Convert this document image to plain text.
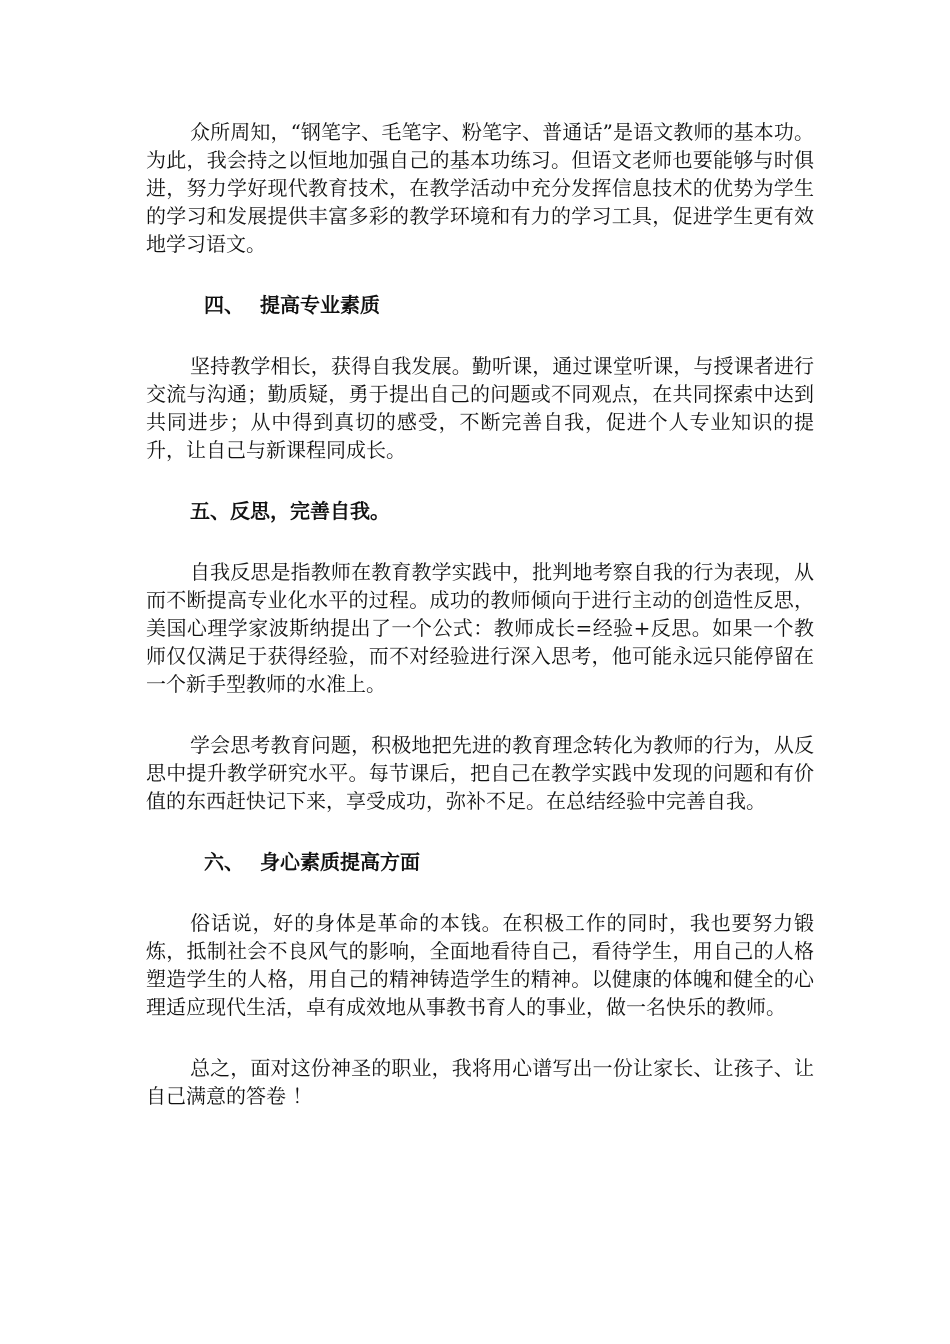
众所周知，“钢笔字、毛笔字、粉笔字、普通话”是语文教师的基本功。为此，我会持之以恒地加强自己的基本功练习。但语文老师也要能够与时俱进，努力学好现代教育技术，在教学活动中充分发挥信息技术的优势为学生的学习和发展提供丰富多彩的教学环境和有力的学习工具，促进学生更有效地学习语文。

四、 提高专业素质

坚持教学相长，获得自我发展。勤听课，通过课堂听课，与授课者进行交流与沟通；勤质疑，勇于提出自己的问题或不同观点，在共同探索中达到共同进步；从中得到真切的感受，不断完善自我，促进个人专业知识的提升，让自己与新课程同成长。

五、反思，完善自我。

自我反思是指教师在教育教学实践中，批判地考察自我的行为表现，从而不断提高专业化水平的过程。成功的教师倾向于进行主动的创造性反思，美国心理学家波斯纳提出了一个公式：教师成长=经验+反思。如果一个教师仅仅满足于获得经验，而不对经验进行深入思考，他可能永远只能停留在一个新手型教师的水准上。

学会思考教育问题，积极地把先进的教育理念转化为教师的行为，从反思中提升教学研究水平。每节课后，把自己在教学实践中发现的问题和有价值的东西赶快记下来，享受成功，弥补不足。在总结经验中完善自我。

六、 身心素质提高方面

俗话说，好的身体是革命的本钱。在积极工作的同时，我也要努力锻炼，抵制社会不良风气的影响，全面地看待自己，看待学生，用自己的人格塑造学生的人格，用自己的精神铸造学生的精神。以健康的体魄和健全的心理适应现代生活，卓有成效地从事教书育人的事业，做一名快乐的教师。

总之，面对这份神圣的职业，我将用心谱写出一份让家长、让孩子、让自己满意的答卷 ！
